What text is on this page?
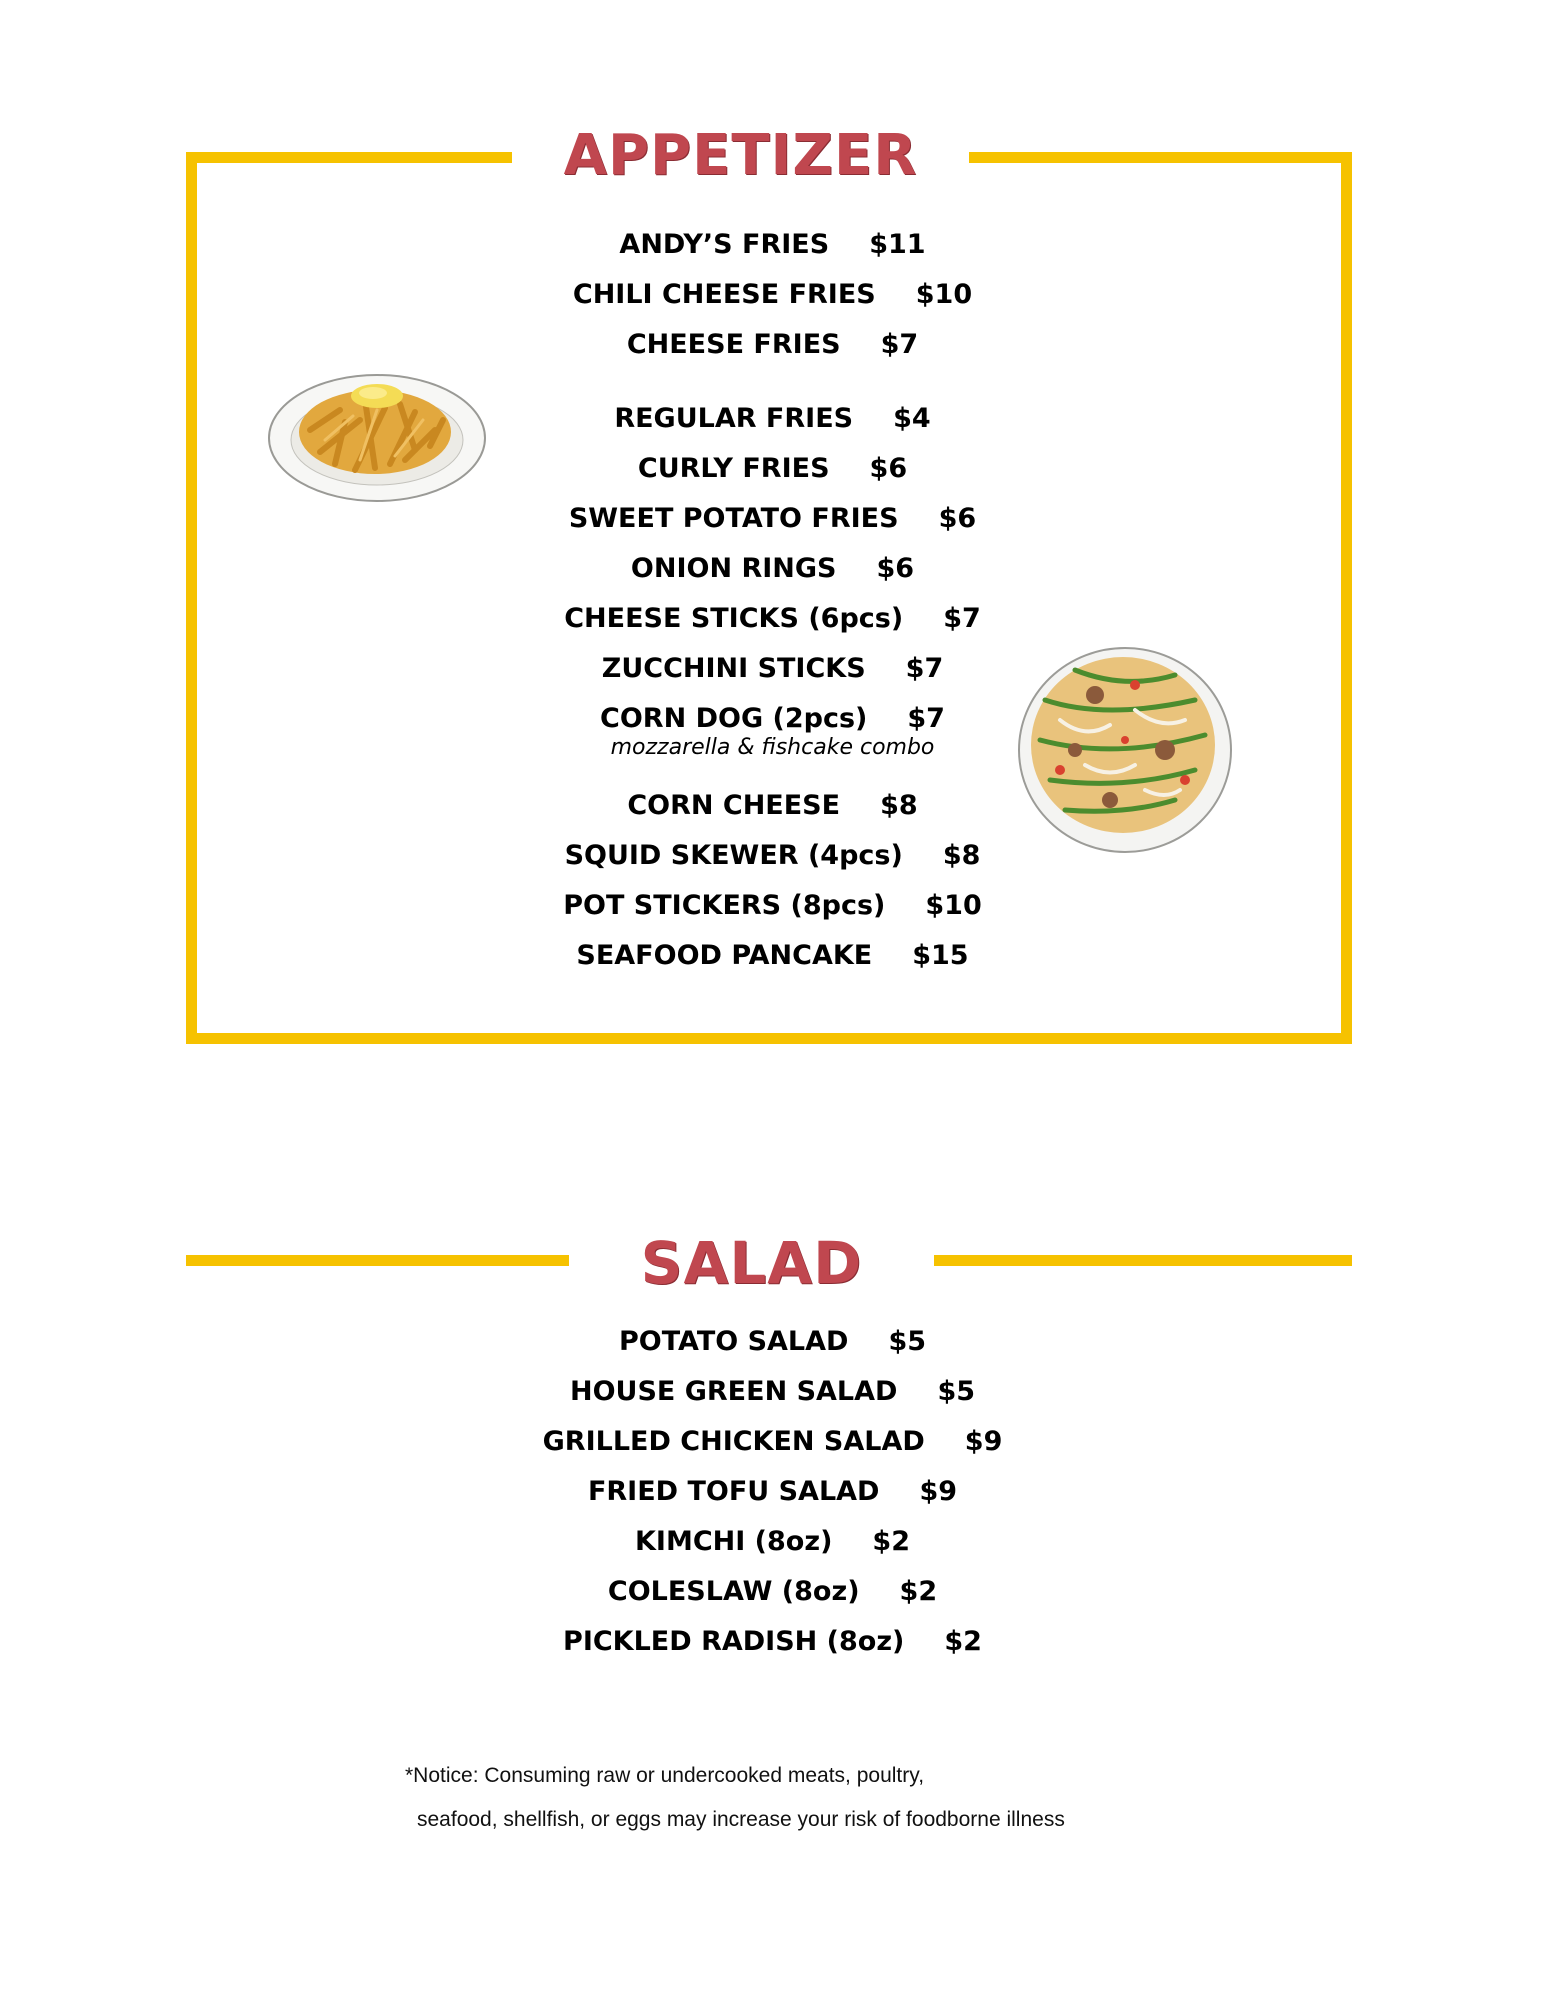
APPETIZER
ANDY’S FRIES $11
CHILI CHEESE FRIES $10
CHEESE FRIES $7
REGULAR FRIES $4
CURLY FRIES $6
SWEET POTATO FRIES $6
ONION RINGS $6
CHEESE STICKS (6pcs) $7
ZUCCHINI STICKS $7
CORN DOG (2pcs) $7
mozzarella & fishcake combo
CORN CHEESE $8
SQUID SKEWER (4pcs) $8
POT STICKERS (8pcs) $10
SEAFOOD PANCAKE $15
SALAD
POTATO SALAD $5
HOUSE GREEN SALAD $5
GRILLED CHICKEN SALAD $9
FRIED TOFU SALAD $9
KIMCHI (8oz) $2
COLESLAW (8oz) $2
PICKLED RADISH (8oz) $2
*Notice: Consuming raw or undercooked meats, poultry,
seafood, shellfish, or eggs may increase your risk of foodborne illness
